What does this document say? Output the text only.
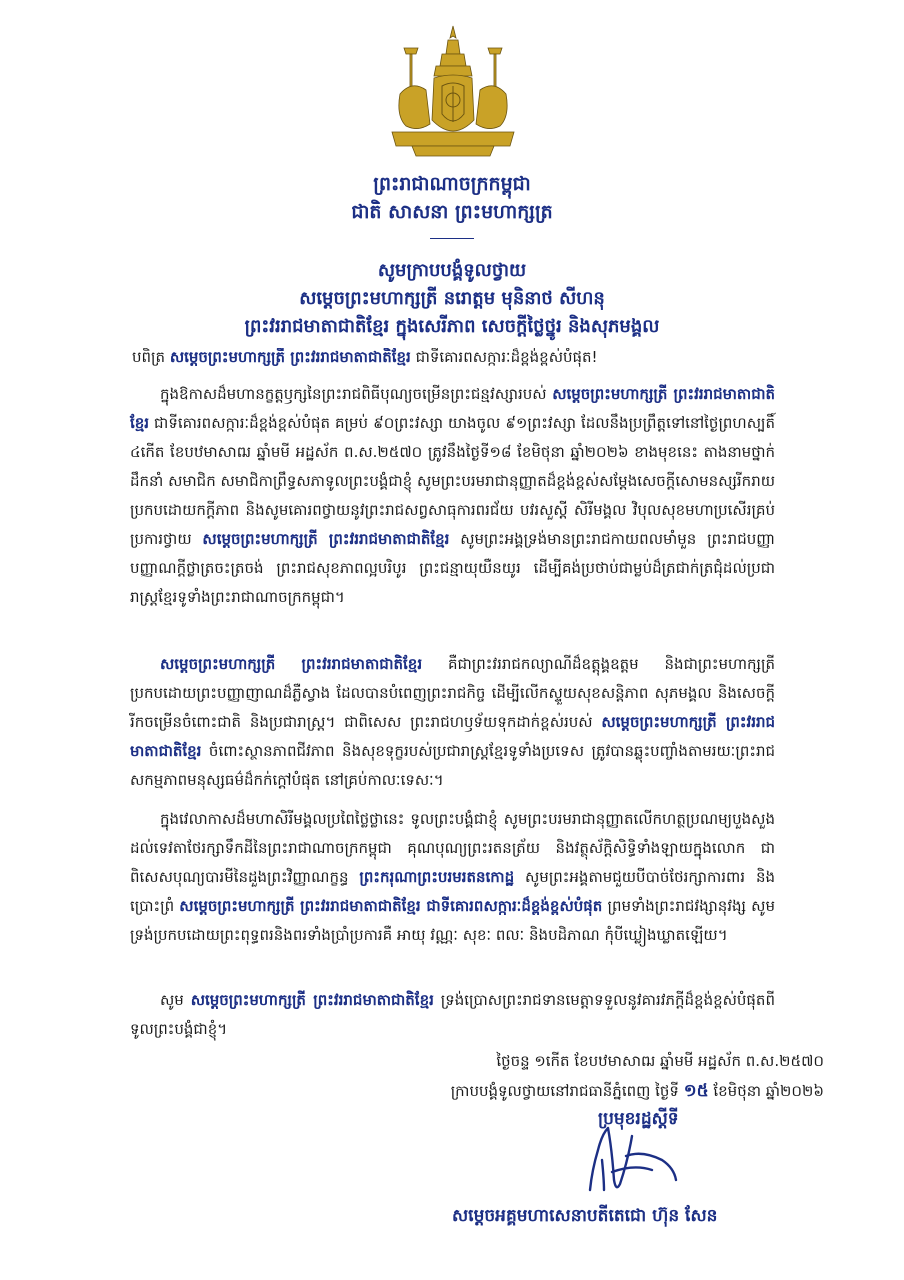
ព្រះរាជាណាចក្រកម្ពុជា
ជាតិ សាសនា ព្រះមហាក្សត្រ
សូមក្រាបបង្គំទូលថ្វាយ
សម្តេចព្រះមហាក្សត្រី នរោត្តម មុនិនាថ សីហនុ
ព្រះវររាជមាតាជាតិខ្មែរ ក្នុងសេរីភាព សេចក្តីថ្លៃថ្នូរ និងសុភមង្គល
បពិត្រ សម្តេចព្រះមហាក្សត្រី ព្រះវររាជមាតាជាតិខ្មែរ ជាទីគោរពសក្ការៈដ៏ខ្ពង់ខ្ពស់បំផុត!
ក្នុងឱកាសដ៏មហានក្ខត្តឫក្សនៃព្រះរាជពិធីបុណ្យចម្រើនព្រះជន្មវស្សារបស់ សម្តេចព្រះមហាក្សត្រី ព្រះវររាជមាតាជាតិខ្មែរ ជាទីគោរពសក្ការៈដ៏ខ្ពង់ខ្ពស់បំផុត គម្រប់ ៩០ព្រះវស្សា យាងចូល ៩១ព្រះវស្សា ដែលនឹងប្រព្រឹត្តទៅនៅថ្ងៃព្រហស្បតិ៍ ៤កើត ខែបឋមាសាឍ ឆ្នាំមមី អដ្ឋស័ក ព.ស.២៥៧០ ត្រូវនឹងថ្ងៃទី១៨ ខែមិថុនា ឆ្នាំ២០២៦ ខាងមុខនេះ តាងនាមថ្នាក់ដឹកនាំ សមាជិក សមាជិកាព្រឹទ្ធសភាទូលព្រះបង្គំជាខ្ញុំ សូមព្រះបរមរាជានុញ្ញាតដ៏ខ្ពង់ខ្ពស់សម្តែងសេចក្តីសោមនស្សរីករាយប្រកបដោយកក្តីភាព និងសូមគោរពថ្វាយនូវព្រះរាជសព្វសាធុការពរជ័យ បវរសួស្តី សិរីមង្គល វិបុលសុខមហាប្រសើរគ្រប់ប្រការថ្វាយ សម្តេចព្រះមហាក្សត្រី ព្រះវររាជមាតាជាតិខ្មែរ សូមព្រះអង្គទ្រង់មានព្រះរាជកាយពលមាំមួន ព្រះរាជបញ្ញាបញ្ញាណក្ដីថ្លាត្រចះត្រចង់ ព្រះរាជសុខភាពល្អបរិបូរ ព្រះជន្មាយុយឺនយូរ ដើម្បីគង់ប្រថាប់ជាម្លប់ដ៏ត្រជាក់ត្រជុំដល់ប្រជារាស្ត្រខ្មែរទូទាំងព្រះរាជាណាចក្រកម្ពុជា។
សម្តេចព្រះមហាក្សត្រី ព្រះវររាជមាតាជាតិខ្មែរ គឺជាព្រះវររាជកល្យាណីដ៏ឧត្តុង្គឧត្តម និងជាព្រះមហាក្សត្រីប្រកបដោយព្រះបញ្ញាញាណដ៏ភ្លឺស្វាង ដែលបានបំពេញព្រះរាជកិច្ច ដើម្បីលើកស្ទួយសុខសន្តិភាព សុភមង្គល និងសេចក្តីរីកចម្រើនចំពោះជាតិ និងប្រជារាស្ត្រ។ ជាពិសេស ព្រះរាជហឫទ័យទុកដាក់ខ្ពស់របស់ សម្តេចព្រះមហាក្សត្រី ព្រះវររាជមាតាជាតិខ្មែរ ចំពោះស្ថានភាពជីវភាព និងសុខទុក្ខរបស់ប្រជារាស្ត្រខ្មែរទូទាំងប្រទេស ត្រូវបានឆ្លុះបញ្ចាំងតាមរយៈព្រះរាជសកម្មភាពមនុស្សធម៌ដ៏កក់ក្ដៅបំផុត នៅគ្រប់កាលៈទេសៈ។
ក្នុងវេលាកាសដ៏មហាសិរីមង្គលប្រពៃថ្លៃថ្លានេះ ទូលព្រះបង្គំជាខ្ញុំ សូមព្រះបរមរាជានុញ្ញាតលើកហត្ថប្រណម្យបួងសួងដល់ទេវតាថែរក្សាទឹកដីនៃព្រះរាជាណាចក្រកម្ពុជា គុណបុណ្យព្រះរតនត្រ័យ និងវត្ថុស័ក្តិសិទ្ធិទាំងឡាយក្នុងលោក ជាពិសេសបុណ្យបារមីនៃដួងព្រះវិញ្ញាណក្ខន្ធ ព្រះករុណាព្រះបរមរតនកោដ្ឋ សូមព្រះអង្គតាមជួយបីបាច់ថែរក្សាការពារ និងប្រោះព្រំ សម្តេចព្រះមហាក្សត្រី ព្រះវររាជមាតាជាតិខ្មែរ ជាទីគោរពសក្ការៈដ៏ខ្ពង់ខ្ពស់បំផុត ព្រមទាំងព្រះរាជវង្សានុវង្ស សូមទ្រង់ប្រកបដោយព្រះពុទ្ធពរនិងពរទាំងប្រាំប្រការគឺ អាយុ វណ្ណៈ សុខៈ ពលៈ និងបដិភាណ កុំបីឃ្លៀងឃ្លាតឡើយ។
សូម សម្តេចព្រះមហាក្សត្រី ព្រះវររាជមាតាជាតិខ្មែរ ទ្រង់ប្រោសព្រះរាជទានមេត្តាទទួលនូវគារវភក្តីដ៏ខ្ពង់ខ្ពស់បំផុតពីទូលព្រះបង្គំជាខ្ញុំ។
ថ្ងៃចន្ទ ១កើត ខែបឋមាសាឍ ឆ្នាំមមី អដ្ឋស័ក ព.ស.២៥៧០
ក្រាបបង្គំទូលថ្វាយនៅរាជធានីភ្នំពេញ ថ្ងៃទី ១៥ ខែមិថុនា ឆ្នាំ២០២៦
ប្រមុខរដ្ឋស្តីទី
សម្តេចអគ្គមហាសេនាបតីតេជោ ហ៊ុន សែន
